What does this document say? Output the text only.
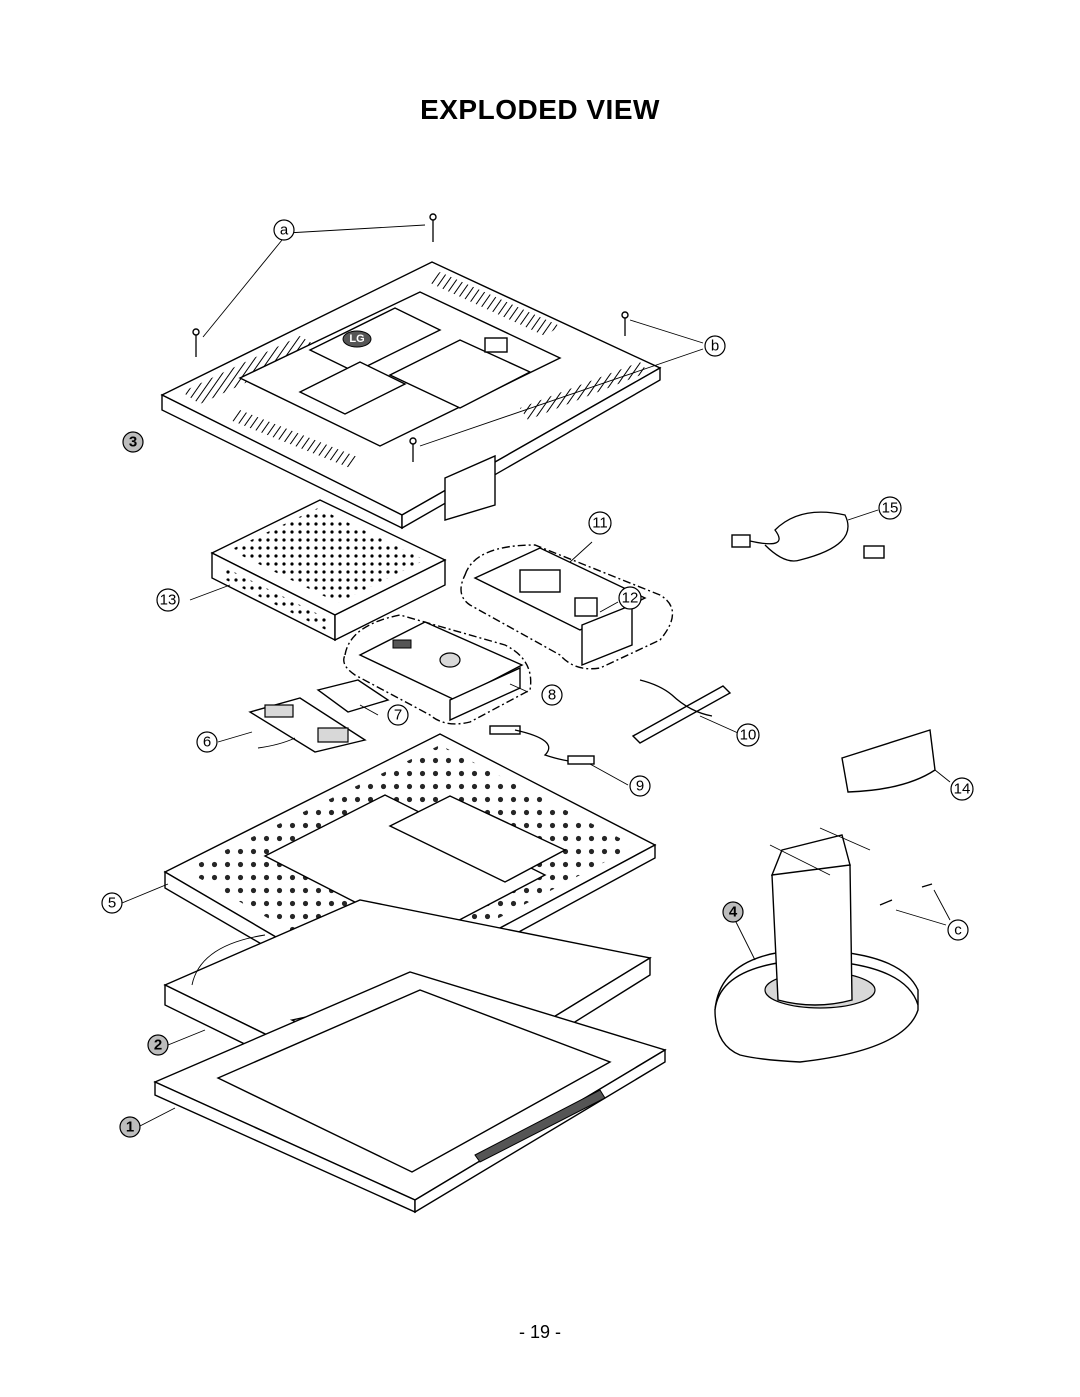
EXPLODED VIEW
LG
a
b
c
1
2
3
4
5
6
7
8
9
10
11
12
13
14
15
- 19 -
